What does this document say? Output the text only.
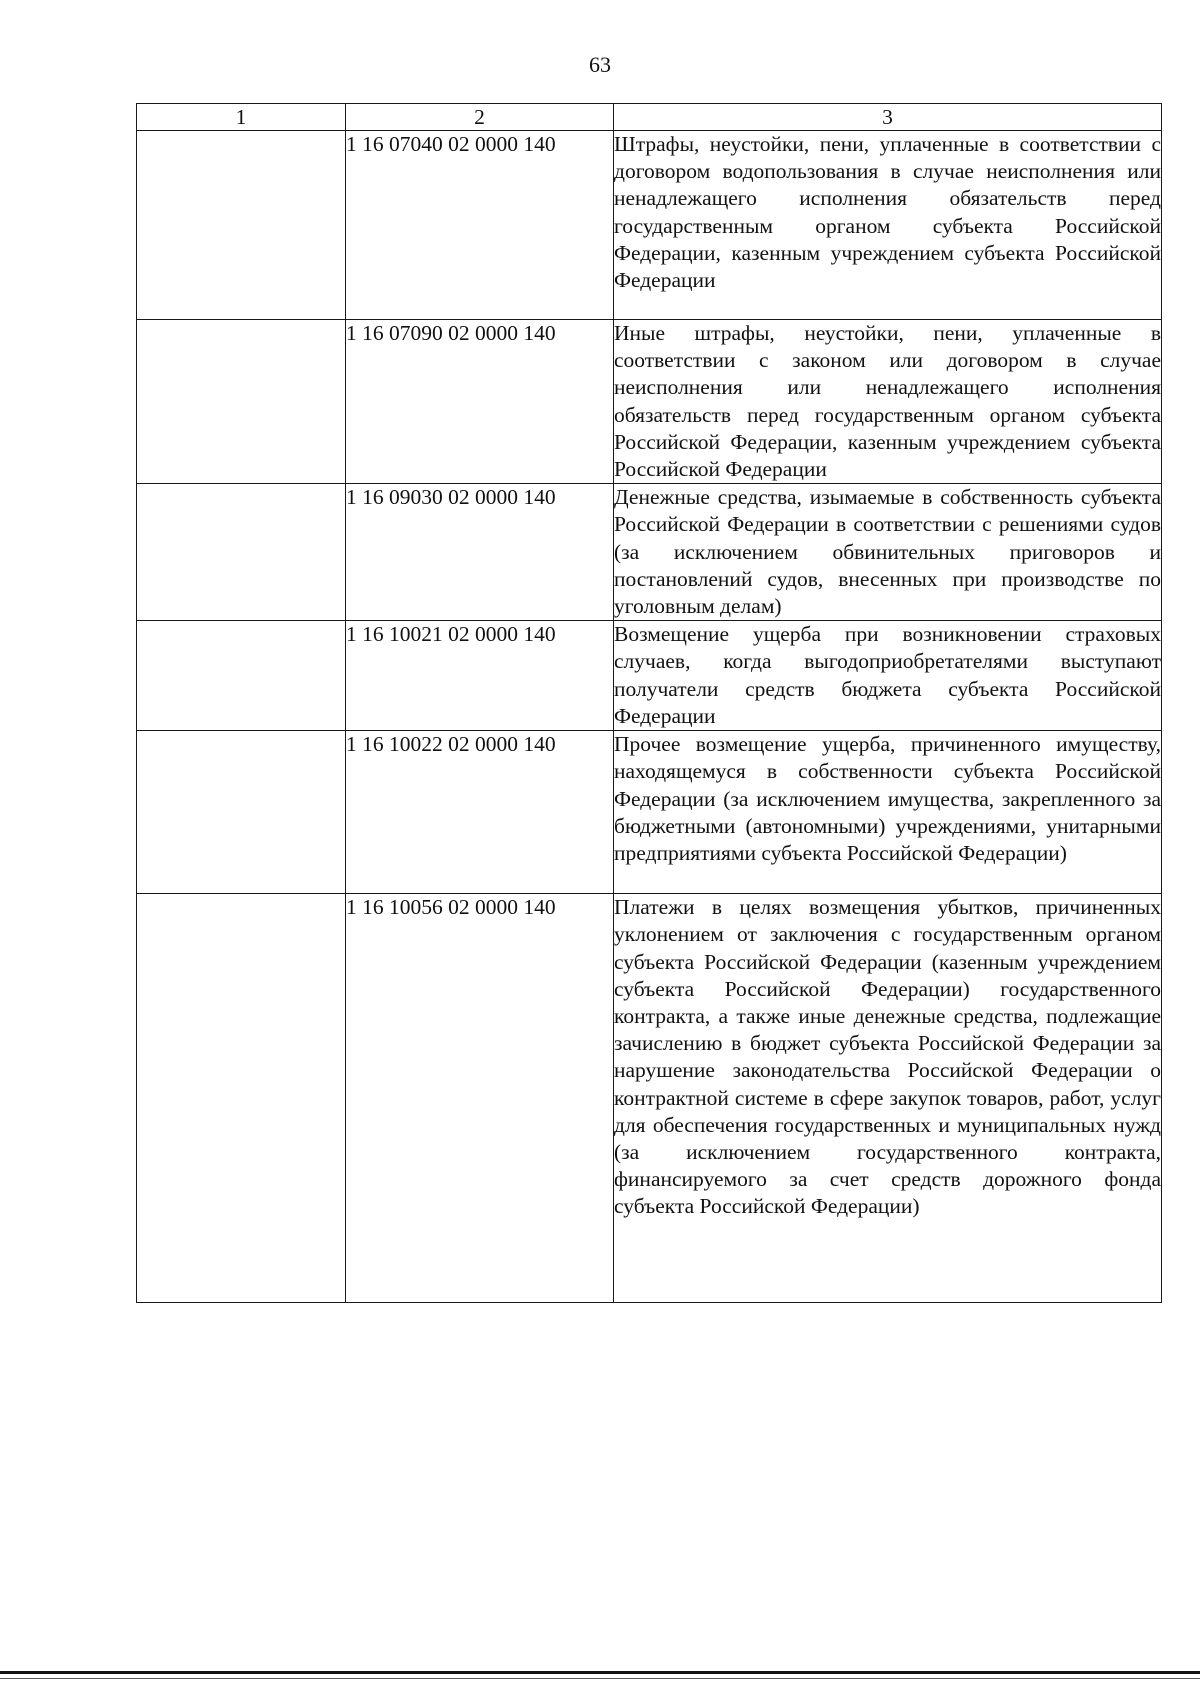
63
1	2	3
	1 16 07040 02 0000 140	Штрафы, неустойки, пени, уплаченные в соответствии с договором водопользования в случае неисполнения или ненадлежащего исполнения обязательств перед государственным органом субъекта Российской Федерации, казенным учреждением субъекта Российской Федерации

	1 16 07090 02 0000 140	Иные штрафы, неустойки, пени, уплаченные в соответствии с законом или договором в случае неисполнения или ненадлежащего исполнения обязательств перед государственным органом субъекта Российской Федерации, казенным учреждением субъекта Российской Федерации

	1 16 09030 02 0000 140	Денежные средства, изымаемые в собственность субъекта Российской Федерации в соответствии с решениями судов (за исключением обвинительных приговоров и постановлений судов, внесенных при производстве по уголовным делам)

	1 16 10021 02 0000 140	Возмещение ущерба при возникновении страховых случаев, когда выгодоприобретателями выступают получатели средств бюджета субъекта Российской Федерации

	1 16 10022 02 0000 140	Прочее возмещение ущерба, причиненного имуществу, находящемуся в собственности субъекта Российской Федерации (за исключением имущества, закрепленного за бюджетными (автономными) учреждениями, унитарными предприятиями субъекта Российской Федерации)

	1 16 10056 02 0000 140	Платежи в целях возмещения убытков, причиненных уклонением от заключения с государственным органом субъекта Российской Федерации (казенным учреждением субъекта Российской Федерации) государственного контракта, а также иные денежные средства, подлежащие зачислению в бюджет субъекта Российской Федерации за нарушение законодательства Российской Федерации о контрактной системе в сфере закупок товаров, работ, услуг для обеспечения государственных и муниципальных нужд (за исключением государственного контракта, финансируемого за счет средств дорожного фонда субъекта Российской Федерации)
